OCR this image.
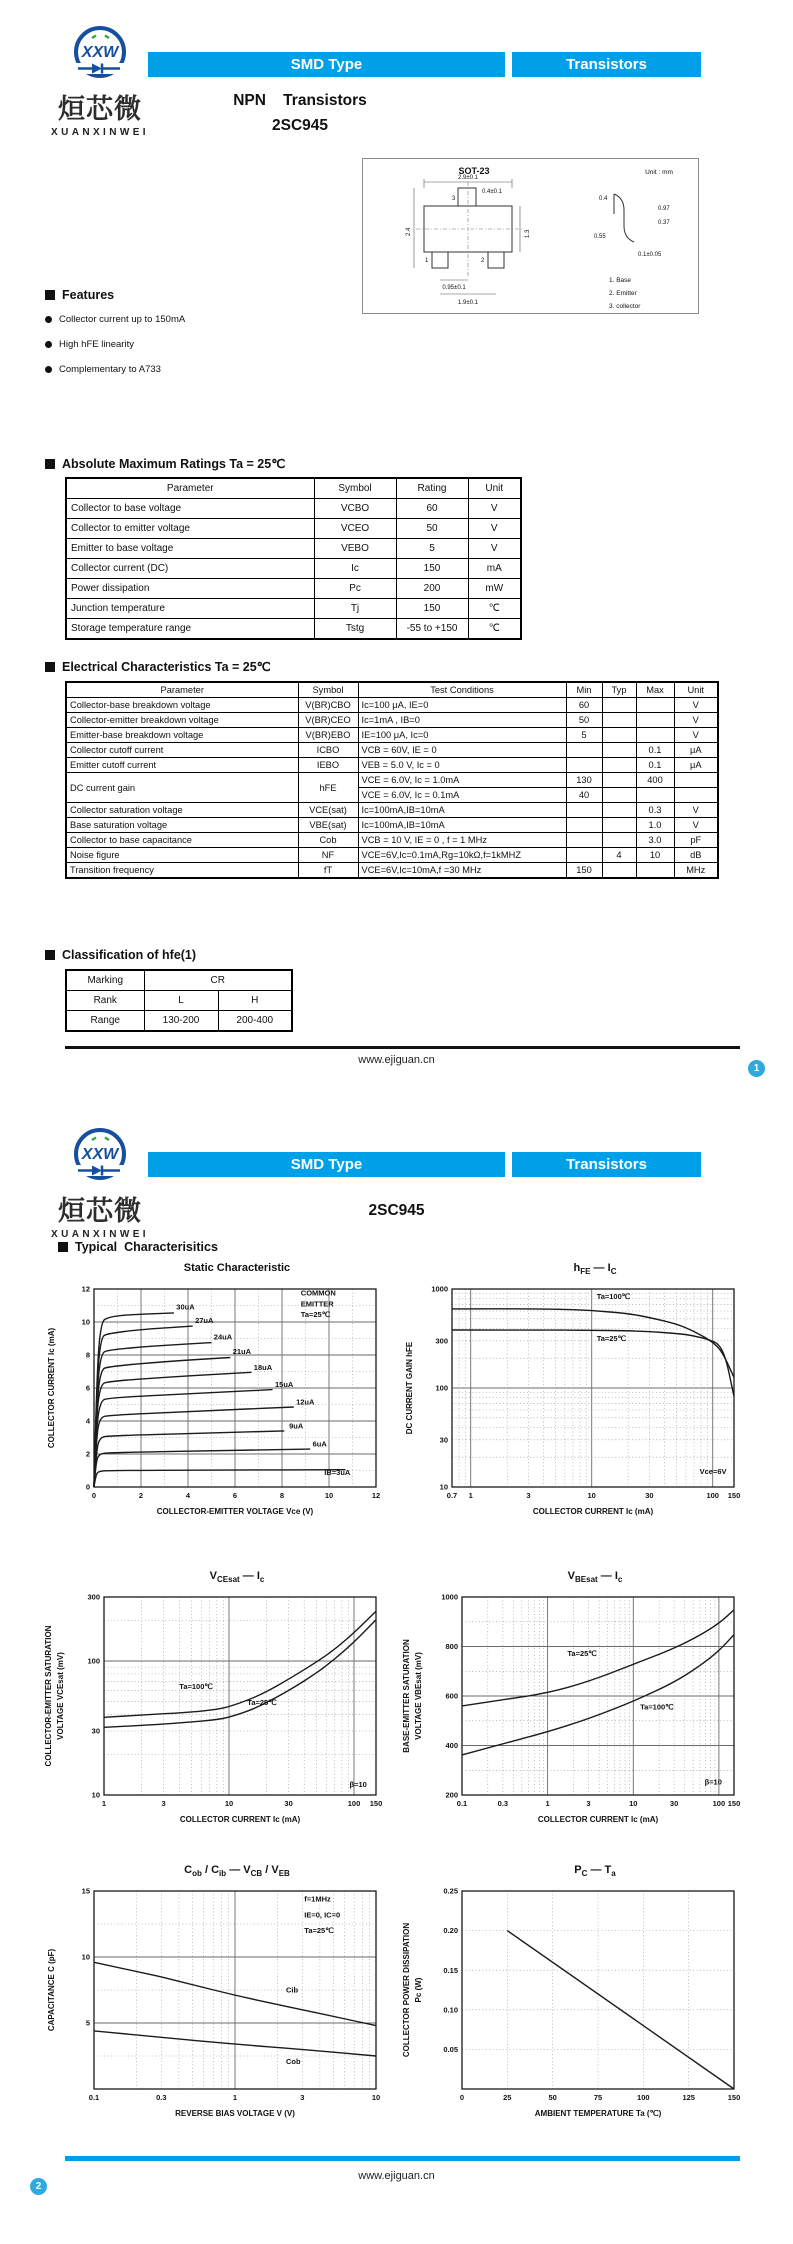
XXW
烜芯微
XUANXINWEI
SMD Type	Transistors
NPN    Transistors
2SC945
SOT-23	Unit : mm
3
1	2
2.9±0.1
0.4±0.1
2.4	1.3
0.95±0.1
1.9±0.1
0.4
0.55
0.1±0.05
0.97
0.37
1. Base
2. Emitter
3. collector
Features
Collector current up to 150mA
High hFE linearity
Complementary to A733
Absolute Maximum Ratings Ta = 25℃
Parameter	Symbol	Rating	Unit
Collector to base voltage	VCBO	60	V
Collector to emitter voltage	VCEO	50	V
Emitter to base voltage	VEBO	5	V
Collector current (DC)	Ic	150	mA
Power dissipation	Pc	200	mW
Junction temperature	Tj	150	℃
Storage temperature range	Tstg	-55 to +150	℃
Electrical Characteristics Ta = 25℃
Parameter	Symbol	Test Conditions	Min	Typ	Max	Unit
Collector-base breakdown voltage	V(BR)CBO	Ic=100 μA, IE=0	60			V
Collector-emitter breakdown voltage	V(BR)CEO	Ic=1mA , IB=0	50			V
Emitter-base breakdown voltage	V(BR)EBO	IE=100 μA, Ic=0	5			V
Collector cutoff current	ICBO	VCB = 60V, IE = 0			0.1	μA
Emitter cutoff current	IEBO	VEB = 5.0 V, Ic = 0			0.1	μA
DC current gain	hFE	VCE = 6.0V, Ic = 1.0mA	130		400	
		VCE = 6.0V, Ic = 0.1mA	40			
Collector saturation voltage	VCE(sat)	Ic=100mA,IB=10mA			0.3	V
Base saturation voltage	VBE(sat)	Ic=100mA,IB=10mA			1.0	V
Collector to base capacitance	Cob	VCB = 10 V, IE = 0 , f = 1 MHz			3.0	pF
Noise figure	NF	VCE=6V,Ic=0.1mA,Rg=10kΩ,f=1kMHZ		4	10	dB
Transition frequency	fT	VCE=6V,Ic=10mA,f =30 MHz	150			MHz
Classification of hfe(1)
Marking	CR	
Rank	L	H
Range	130-200	200-400
www.ejiguan.cn
1
XXW
烜芯微
XUANXINWEI
SMD Type	Transistors
2SC945
Typical  Characterisitics
Static Characteristic
0	2	4	6	8	10	12
0
2
4
6
8
10
12
30uA
27uA
24uA
21uA
18uA
15uA
12uA
9uA
6uA
IB=3uA
COMMON
EMITTER
Ta=25℃
COLLECTOR-EMITTER VOLTAGE Vce (V)
COLLECTOR CURRENT Ic (mA)
$h_{FE}$ — $I_C$
0.7 1	3	10	30	100 150
10
30
100
300
1000
Ta=100℃
Ta=25℃
Vce=6V
COLLECTOR CURRENT Ic (mA)
DC CURRENT GAIN hFE
$V_{CEsat}$ — $I_c$
1	3	10	30	100 150
10
30
100
300
Ta=100℃
Ta=25℃
β=10
COLLECTOR CURRENT Ic (mA)
COLLECTOR-EMITTER SATURATION VOLTAGE VCEsat (mV)
$V_{BEsat}$ — $I_c$
0.1	0.3	1	3	10	30	100 150
200
400
600
800
1000
Ta=25℃
Ta=100℃
β=10
COLLECTOR CURRENT Ic (mA)
BASE-EMITTER SATURATION VOLTAGE VBEsat (mV)
$C_{ob} / C_{ib}$ — $V_{CB} / V_{EB}$
0.1	0.3	1	3	10
5
10
15
Cib
Cob
f=1MHz
IE=0, IC=0
Ta=25℃
REVERSE BIAS VOLTAGE V (V)
CAPACITANCE C (pF)
$P_C$ — $T_a$
0	25	50	75	100	125	150
0.05
0.10
0.15
0.20
0.25
AMBIENT TEMPERATURE Ta (℃)
COLLECTOR POWER DISSIPATION Pc (W)
www.ejiguan.cn
2
